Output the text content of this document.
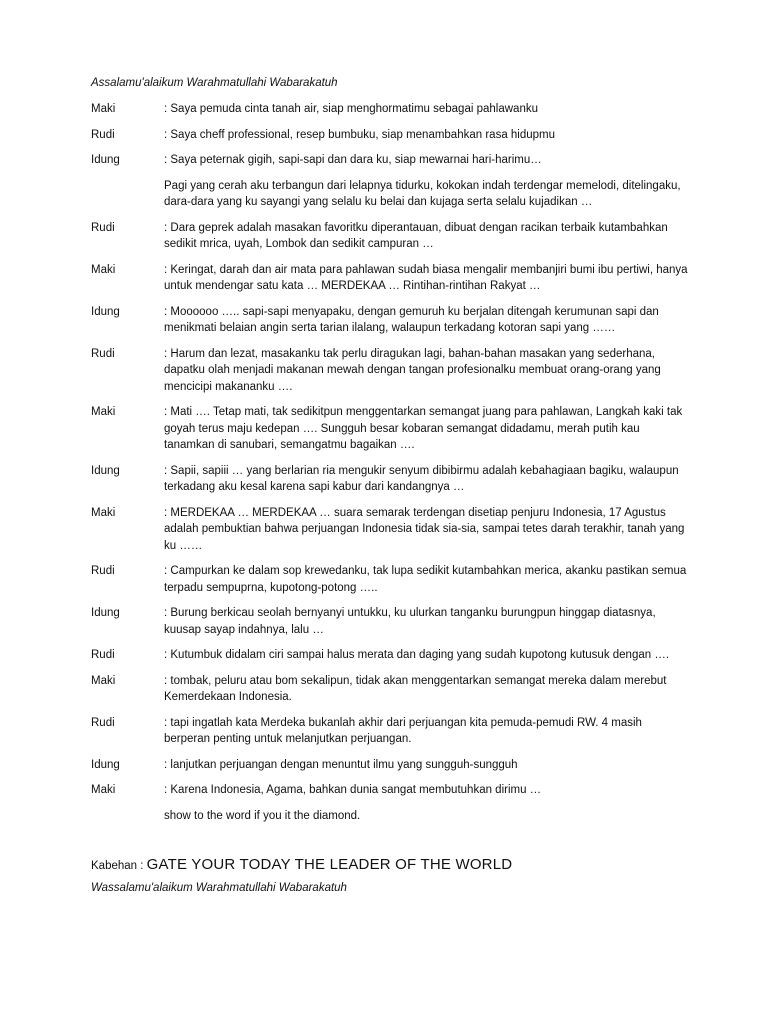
Assalamu'alaikum Warahmatullahi Wabarakatuh
Maki	: Saya pemuda cinta tanah air, siap menghormatimu sebagai pahlawanku
Rudi	: Saya cheff professional, resep bumbuku, siap menambahkan rasa hidupmu
Idung	: Saya peternak gigih, sapi-sapi dan dara ku, siap mewarnai hari-harimu…
Pagi yang cerah aku terbangun dari lelapnya tidurku, kokokan indah terdengar memelodi, ditelingaku, dara-dara yang ku sayangi yang selalu ku belai dan kujaga serta selalu kujadikan …
Rudi	: Dara geprek adalah masakan favoritku diperantauan, dibuat dengan racikan terbaik kutambahkan sedikit mrica, uyah, Lombok dan sedikit campuran …
Maki	: Keringat, darah dan air mata para pahlawan sudah biasa mengalir membanjiri bumi ibu pertiwi, hanya untuk mendengar satu kata … MERDEKAA … Rintihan-rintihan Rakyat …
Idung	: Moooooo ….. sapi-sapi menyapaku, dengan gemuruh ku berjalan ditengah kerumunan sapi dan menikmati belaian angin serta tarian ilalang, walaupun terkadang kotoran sapi yang ……
Rudi	: Harum dan lezat, masakanku tak perlu diragukan lagi, bahan-bahan masakan yang sederhana, dapatku olah menjadi makanan mewah dengan tangan profesionalku membuat orang-orang yang mencicipi makananku ….
Maki	: Mati …. Tetap mati, tak sedikitpun menggentarkan semangat juang para pahlawan, Langkah kaki tak goyah terus maju kedepan …. Sungguh besar kobaran semangat didadamu, merah putih kau tanamkan di sanubari, semangatmu bagaikan ….
Idung	: Sapii, sapiii … yang berlarian ria mengukir senyum dibibirmu adalah kebahagiaan bagiku, walaupun terkadang aku kesal karena sapi kabur dari kandangnya …
Maki	: MERDEKAA … MERDEKAA … suara semarak terdengan disetiap penjuru Indonesia, 17 Agustus adalah pembuktian bahwa perjuangan Indonesia tidak sia-sia, sampai tetes darah terakhir, tanah yang ku ……
Rudi	: Campurkan ke dalam sop krewedanku, tak lupa sedikit kutambahkan merica, akanku pastikan semua terpadu sempuprna, kupotong-potong …..
Idung	: Burung berkicau seolah bernyanyi untukku, ku ulurkan tanganku burungpun hinggap diatasnya, kuusap sayap indahnya, lalu …
Rudi	: Kutumbuk didalam ciri sampai halus merata dan daging yang sudah kupotong kutusuk dengan ….
Maki	: tombak, peluru atau bom sekalipun, tidak akan menggentarkan semangat mereka dalam merebut Kemerdekaan Indonesia.
Rudi	: tapi ingatlah kata Merdeka bukanlah akhir dari perjuangan kita pemuda-pemudi RW. 4 masih berperan penting untuk melanjutkan perjuangan.
Idung	: lanjutkan perjuangan dengan menuntut ilmu yang sungguh-sungguh
Maki	: Karena Indonesia, Agama, bahkan dunia sangat membutuhkan dirimu …
show to the word if you it the diamond.
Kabehan : GATE YOUR TODAY THE LEADER OF THE WORLD
Wassalamu'alaikum Warahmatullahi Wabarakatuh
